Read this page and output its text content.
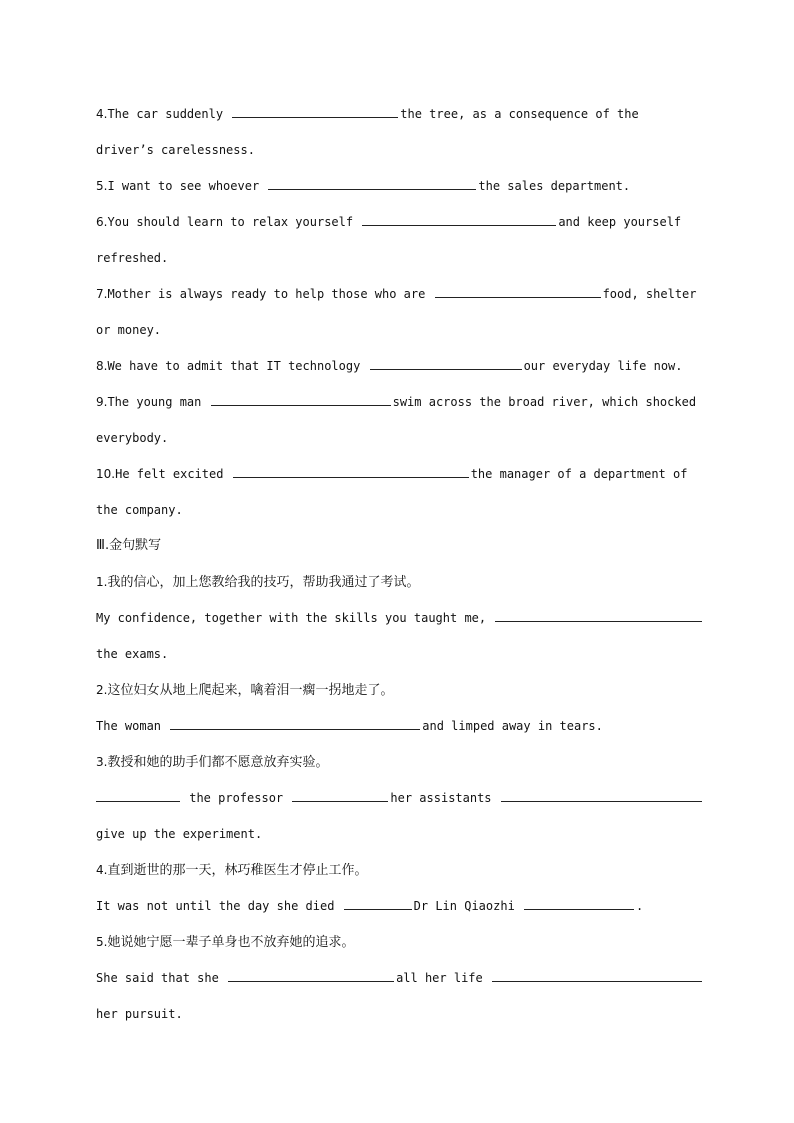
4.The car suddenly	the tree, as a consequence of the
driver’s carelessness.
5.I want to see whoever	the sales department.
6.You should learn to relax yourself	and keep yourself
refreshed.
7.Mother is always ready to help those who are	food, shelter
or money.
8.We have to admit that IT technology	our everyday life now.
9.The young man	swim across the broad river, which shocked
everybody.
10.He felt excited	the manager of a department of
the company.
Ⅲ.金句默写
1.我的信心，加上您教给我的技巧，帮助我通过了考试。
My confidence, together with the skills you taught me,
the exams.
2.这位妇女从地上爬起来，噙着泪一瘸一拐地走了。
The woman	and limped away in tears.
3.教授和她的助手们都不愿意放弃实验。
the professor	her assistants
give up the experiment.
4.直到逝世的那一天，林巧稚医生才停止工作。
It was not until the day she died	Dr Lin Qiaozhi	.
5.她说她宁愿一辈子单身也不放弃她的追求。
She said that she	all her life
her pursuit.
